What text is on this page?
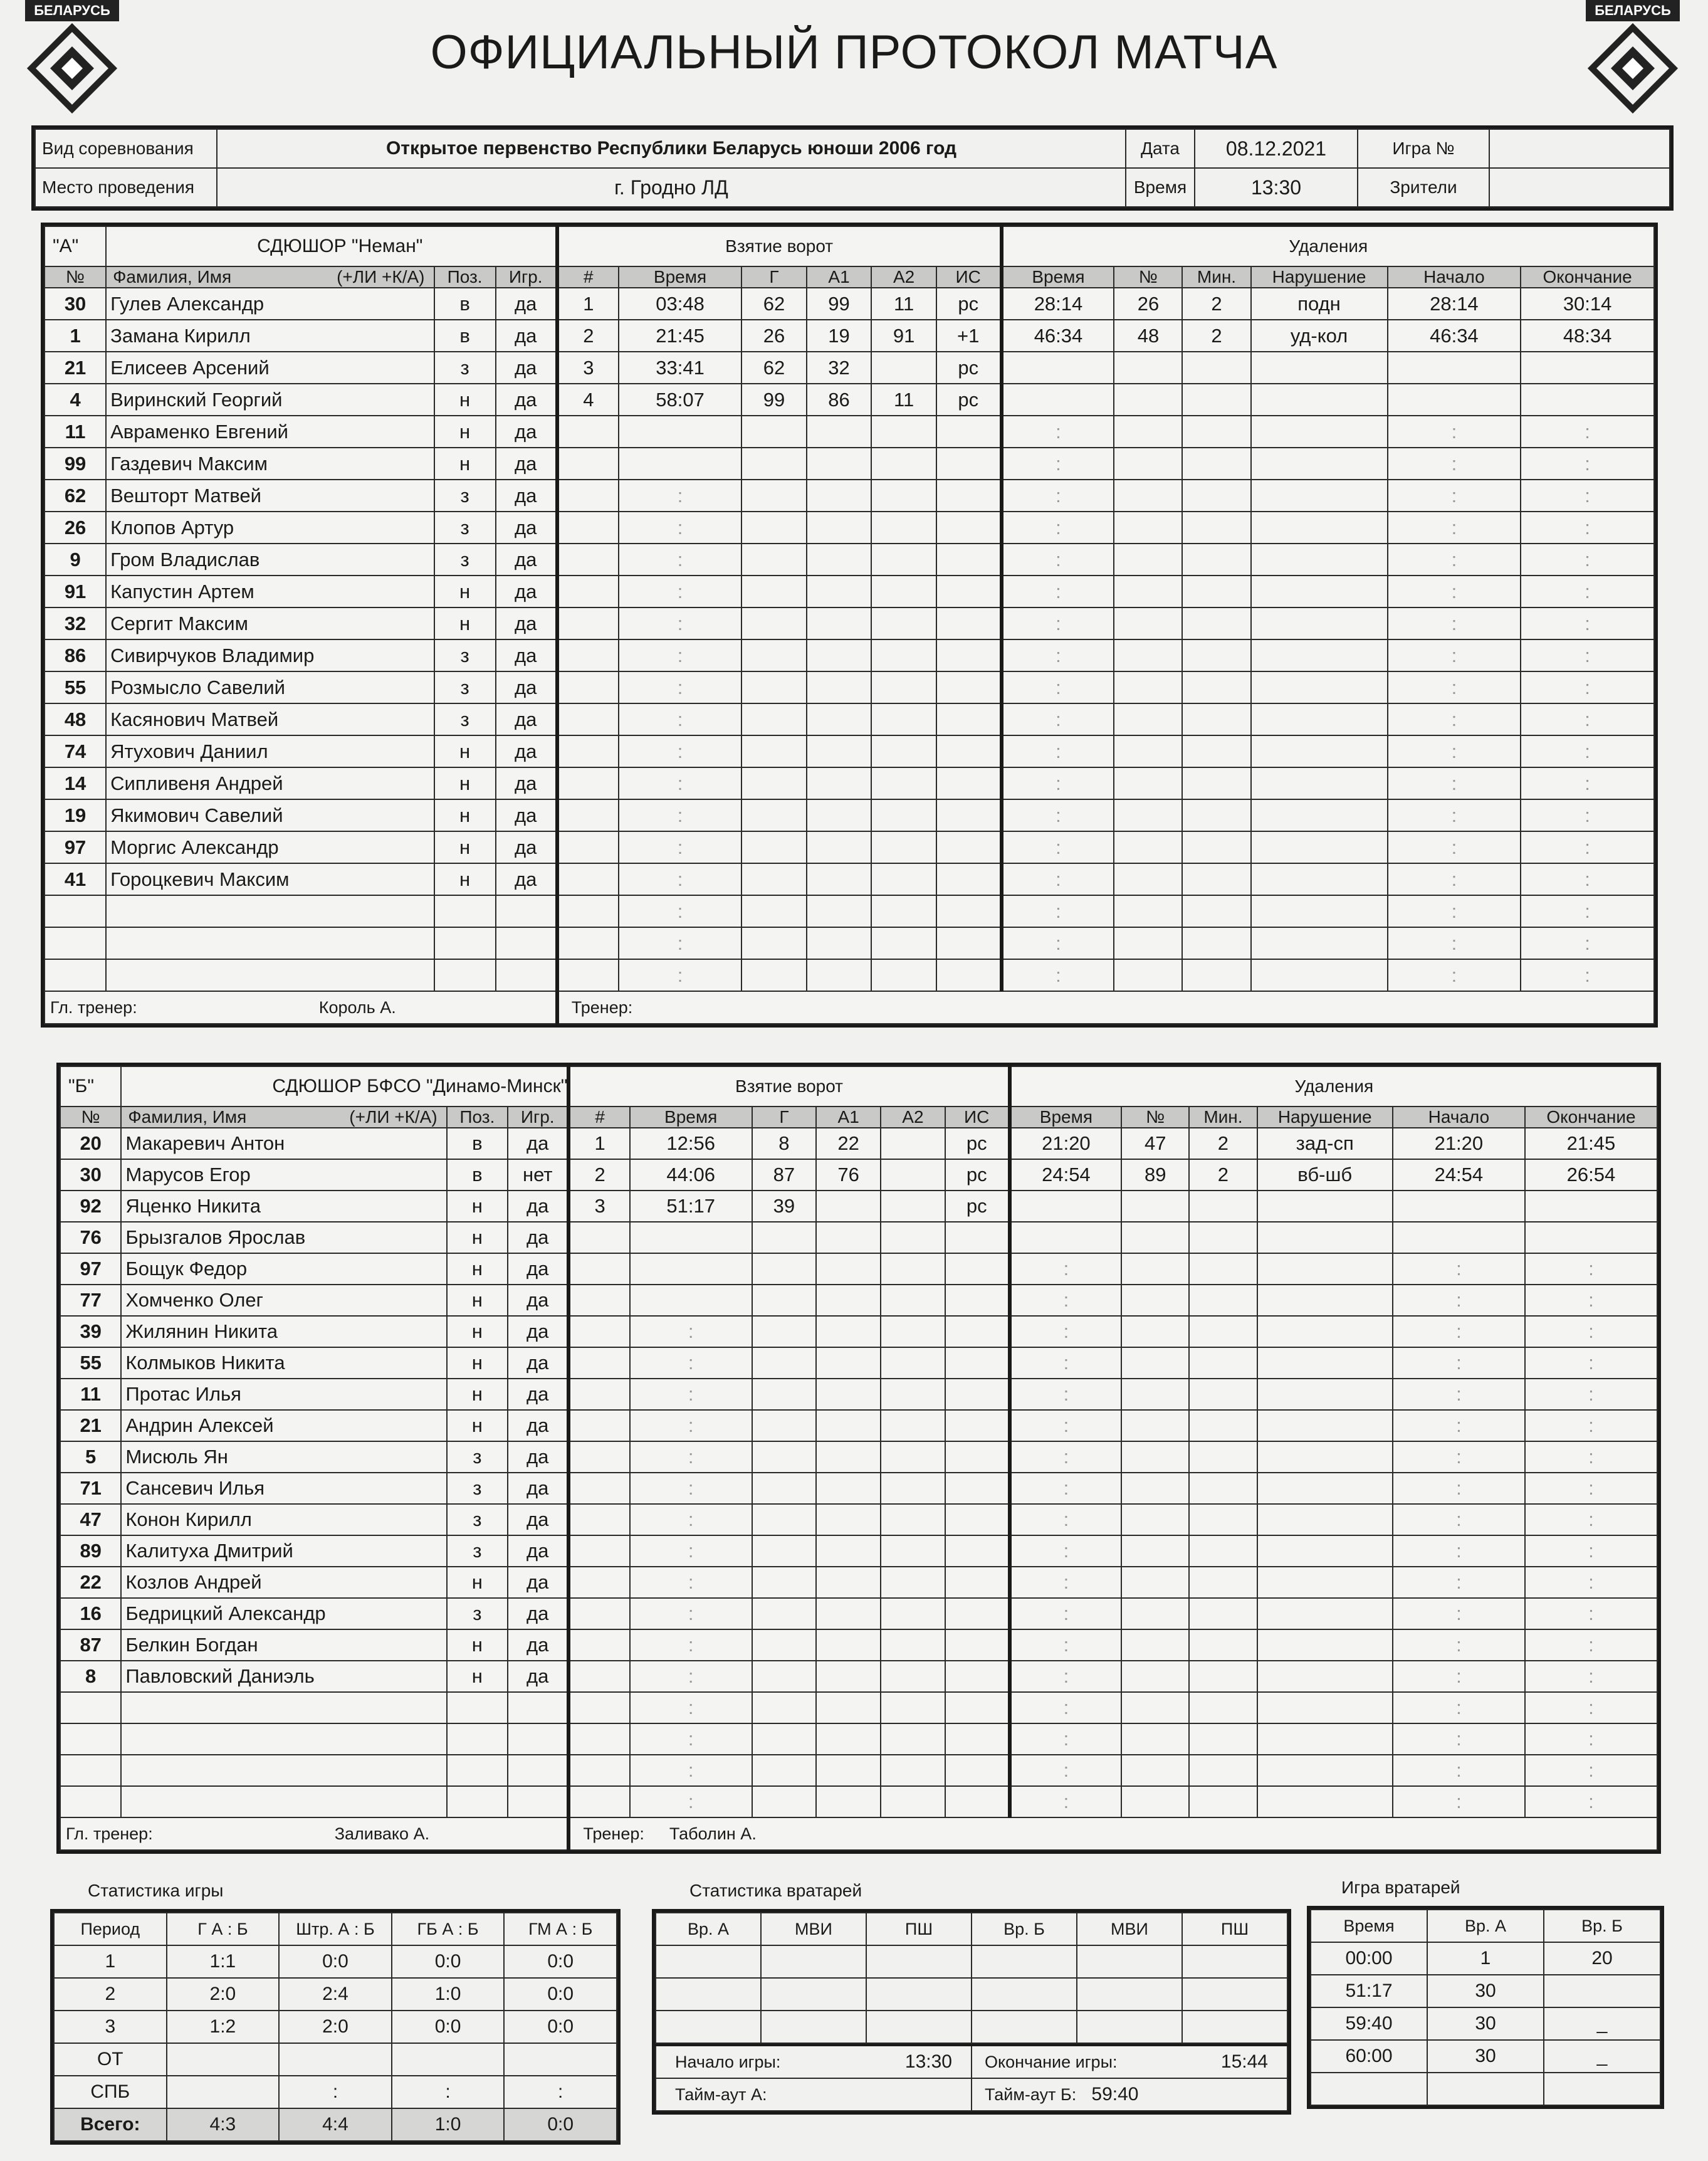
ОФИЦИАЛЬНЫЙ ПРОТОКОЛ МАТЧА
БЕЛАРУСЬ	БЕЛАРУСЬ
Вид соревнования	Открытое первенство Республики Беларусь юноши 2006 год	Дата	08.12.2021	Игра №	
Место проведения	г. Гродно ЛД	Время	13:30	Зрители	
"А"	СДЮШОР "Неман"			Взятие ворот						Удаления					
№	Фамилия, Имя (+ЛИ +К/А)	Поз.	Игр.	#	Время	Г	А1	А2	ИС	Время	№	Мин.	Нарушение	Начало	Окончание
30	Гулев Александр	в	да	1	03:48	62	99	11	рс	28:14	26	2	подн	28:14	30:14
1	Замана Кирилл	в	да	2	21:45	26	19	91	+1	46:34	48	2	уд-кол	46:34	48:34
21	Елисеев Арсений	з	да	3	33:41	62	32		рс						
4	Виринский Георгий	н	да	4	58:07	99	86	11	рс						
11	Авраменко Евгений	н	да							:				:	:
99	Газдевич Максим	н	да							:				:	:
62	Вешторт Матвей	з	да		:					:				:	:
26	Клопов Артур	з	да		:					:				:	:
9	Гром Владислав	з	да		:					:				:	:
91	Капустин Артем	н	да		:					:				:	:
32	Сергит Максим	н	да		:					:				:	:
86	Сивирчуков Владимир	з	да		:					:				:	:
55	Розмысло Савелий	з	да		:					:				:	:
48	Касянович Матвей	з	да		:					:				:	:
74	Ятухович Даниил	н	да		:					:				:	:
14	Сипливеня Андрей	н	да		:					:				:	:
19	Якимович Савелий	н	да		:					:				:	:
97	Моргис Александр	н	да		:					:				:	:
41	Гороцкевич Максим	н	да		:					:				:	:
					:					:				:	:
					:					:				:	:
					:					:				:	:
Гл. тренер: Король А.				Тренер:											
"Б"	СДЮШОР БФСО "Динамо-Минск"			Взятие ворот						Удаления					
№	Фамилия, Имя (+ЛИ +К/А)	Поз.	Игр.	#	Время	Г	А1	А2	ИС	Время	№	Мин.	Нарушение	Начало	Окончание
20	Макаревич Антон	в	да	1	12:56	8	22		рс	21:20	47	2	зад-сп	21:20	21:45
30	Марусов Егор	в	нет	2	44:06	87	76		рс	24:54	89	2	вб-шб	24:54	26:54
92	Яценко Никита	н	да	3	51:17	39			рс						
76	Брызгалов Ярослав	н	да												
97	Бощук Федор	н	да							:				:	:
77	Хомченко Олег	н	да							:				:	:
39	Жилянин Никита	н	да		:					:				:	:
55	Колмыков Никита	н	да		:					:				:	:
11	Протас Илья	н	да		:					:				:	:
21	Андрин Алексей	н	да		:					:				:	:
5	Мисюль Ян	з	да		:					:				:	:
71	Сансевич Илья	з	да		:					:				:	:
47	Конон Кирилл	з	да		:					:				:	:
89	Калитуха Дмитрий	з	да		:					:				:	:
22	Козлов Андрей	н	да		:					:				:	:
16	Бедрицкий Александр	з	да		:					:				:	:
87	Белкин Богдан	н	да		:					:				:	:
8	Павловский Даниэль	н	да		:					:				:	:
					:					:				:	:
					:					:				:	:
					:					:				:	:
					:					:				:	:
Гл. тренер: Заливако А.				Тренер: Таболин А.											
Статистика игры
Период	Г А : Б	Штр. А : Б	ГБ А : Б	ГМ А : Б
1	1:1	0:0	0:0	0:0
2	2:0	2:4	1:0	0:0
3	1:2	2:0	0:0	0:0
ОТ				
СПБ		:	:	:
Всего:	4:3	4:4	1:0	0:0
Статистика вратарей
Вр. А	МВИ	ПШ	Вр. Б	МВИ	ПШ

Начало игры:	13:30	Окончание игры:	15:44
Тайм-аут А:		Тайм-аут Б:	59:40
Игра вратарей
Время	Вр. А	Вр. Б
00:00	1	20
51:17	30	
59:40	30	_
60:00	30	_
